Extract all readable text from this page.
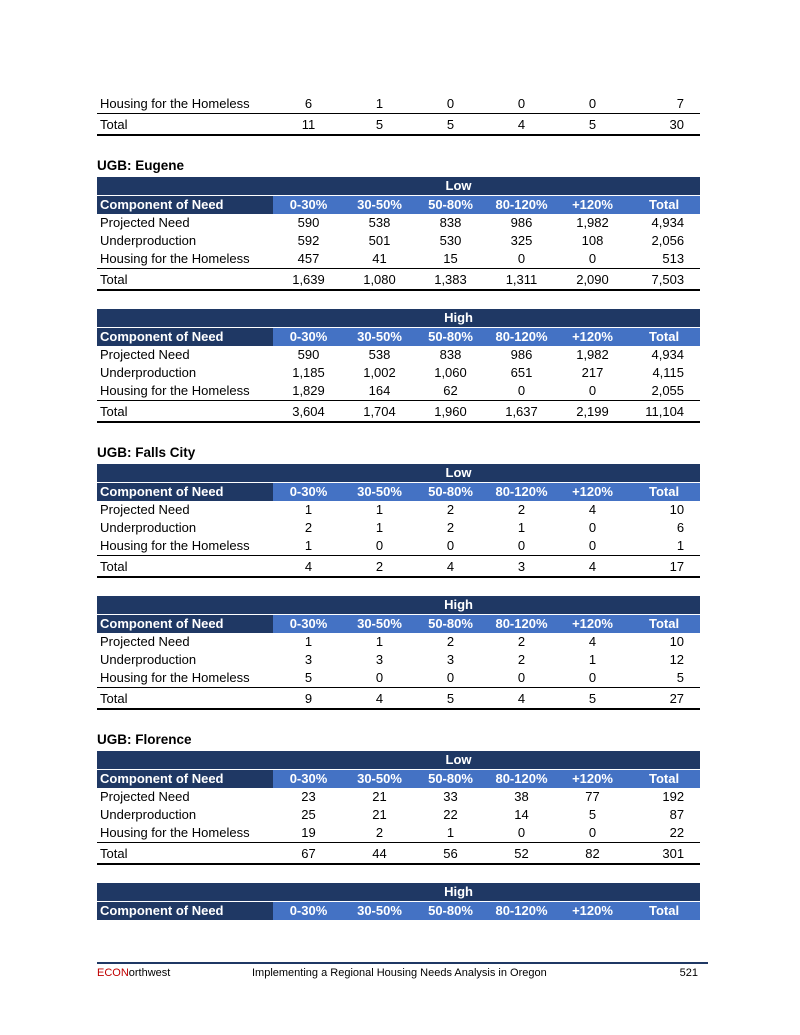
Housing for the Homeless	6	1	0	0	0	7
Total	11	5	5	4	5	30
UGB: Eugene
Low						
Component of Need	0-30%	30-50%	50-80%	80-120%	+120%	Total
Projected Need	590	538	838	986	1,982	4,934
Underproduction	592	501	530	325	108	2,056
Housing for the Homeless	457	41	15	0	0	513
Total	1,639	1,080	1,383	1,311	2,090	7,503
High						
Component of Need	0-30%	30-50%	50-80%	80-120%	+120%	Total
Projected Need	590	538	838	986	1,982	4,934
Underproduction	1,185	1,002	1,060	651	217	4,115
Housing for the Homeless	1,829	164	62	0	0	2,055
Total	3,604	1,704	1,960	1,637	2,199	11,104
UGB: Falls City
Low						
Component of Need	0-30%	30-50%	50-80%	80-120%	+120%	Total
Projected Need	1	1	2	2	4	10
Underproduction	2	1	2	1	0	6
Housing for the Homeless	1	0	0	0	0	1
Total	4	2	4	3	4	17
High						
Component of Need	0-30%	30-50%	50-80%	80-120%	+120%	Total
Projected Need	1	1	2	2	4	10
Underproduction	3	3	3	2	1	12
Housing for the Homeless	5	0	0	0	0	5
Total	9	4	5	4	5	27
UGB: Florence
Low						
Component of Need	0-30%	30-50%	50-80%	80-120%	+120%	Total
Projected Need	23	21	33	38	77	192
Underproduction	25	21	22	14	5	87
Housing for the Homeless	19	2	1	0	0	22
Total	67	44	56	52	82	301
High
Component of Need	0-30%	30-50%	50-80%	80-120%	+120%	Total
ECONorthwest	Implementing a Regional Housing Needs Analysis in Oregon	521
